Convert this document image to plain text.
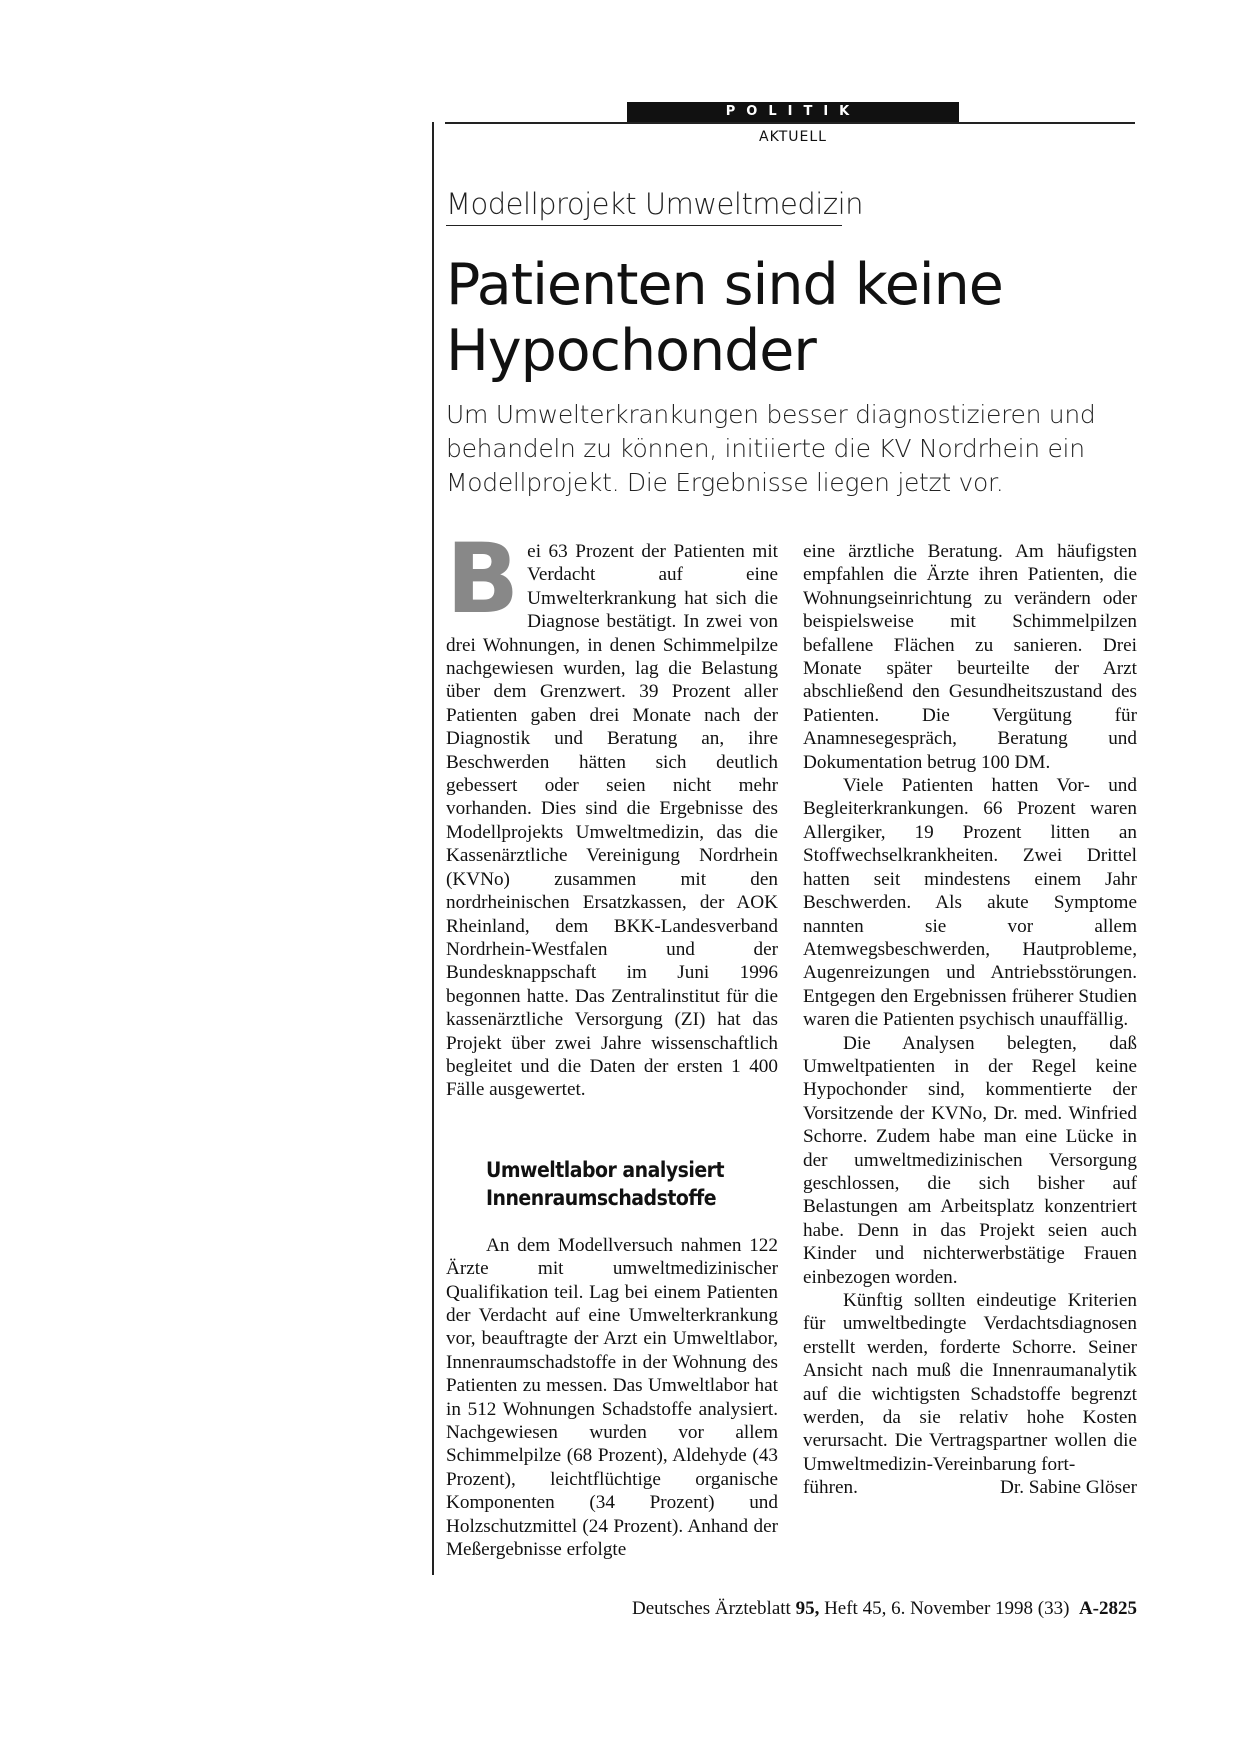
POLITIK
AKTUELL
Modellprojekt Umweltmedizin
Patienten sind keine
Hypochonder

Um Umwelterkrankungen besser diagnostizieren und behandeln zu können, initiierte die KV Nordrhein ein Modellprojekt. Die Ergebnisse liegen jetzt vor.

Bei 63 Prozent der Patienten mit Verdacht auf eine Umwelterkrankung hat sich die Diagnose bestätigt. In zwei von drei Wohnungen, in denen Schimmelpilze nachgewiesen wurden, lag die Belastung über dem Grenzwert. 39 Prozent aller Patienten gaben drei Monate nach der Diagnostik und Beratung an, ihre Beschwerden hätten sich deutlich gebessert oder seien nicht mehr vorhanden. Dies sind die Ergebnisse des Modellprojekts Umweltmedizin, das die Kassenärztliche Vereinigung Nordrhein (KVNo) zusammen mit den nordrheinischen Ersatzkassen, der AOK Rheinland, dem BKK-Landesverband Nordrhein-Westfalen und der Bundesknappschaft im Juni 1996 begonnen hatte. Das Zentralinstitut für die kassenärztliche Versorgung (ZI) hat das Projekt über zwei Jahre wissenschaftlich begleitet und die Daten der ersten 1 400 Fälle ausgewertet.

Umweltlabor analysiert
Innenraumschadstoffe

An dem Modellversuch nahmen 122 Ärzte mit umweltmedizinischer Qualifikation teil. Lag bei einem Patienten der Verdacht auf eine Umwelterkrankung vor, beauftragte der Arzt ein Umweltlabor, Innenraumschadstoffe in der Wohnung des Patienten zu messen. Das Umweltlabor hat in 512 Wohnungen Schadstoffe analysiert. Nachgewiesen wurden vor allem Schimmelpilze (68 Prozent), Aldehyde (43 Prozent), leichtflüchtige organische Komponenten (34 Prozent) und Holzschutzmittel (24 Prozent). Anhand der Meßergebnisse erfolgte

eine ärztliche Beratung. Am häufigsten empfahlen die Ärzte ihren Patienten, die Wohnungseinrichtung zu verändern oder beispielsweise mit Schimmelpilzen befallene Flächen zu sanieren. Drei Monate später beurteilte der Arzt abschließend den Gesundheitszustand des Patienten. Die Vergütung für Anamnesegespräch, Beratung und Dokumentation betrug 100 DM.

Viele Patienten hatten Vor- und Begleiterkrankungen. 66 Prozent waren Allergiker, 19 Prozent litten an Stoffwechselkrankheiten. Zwei Drittel hatten seit mindestens einem Jahr Beschwerden. Als akute Symptome nannten sie vor allem Atemwegsbeschwerden, Hautprobleme, Augenreizungen und Antriebsstörungen. Entgegen den Ergebnissen früherer Studien waren die Patienten psychisch unauffällig.

Die Analysen belegten, daß Umweltpatienten in der Regel keine Hypochonder sind, kommentierte der Vorsitzende der KVNo, Dr. med. Winfried Schorre. Zudem habe man eine Lücke in der umweltmedizinischen Versorgung geschlossen, die sich bisher auf Belastungen am Arbeitsplatz konzentriert habe. Denn in das Projekt seien auch Kinder und nichterwerbstätige Frauen einbezogen worden.

Künftig sollten eindeutige Kriterien für umweltbedingte Verdachtsdiagnosen erstellt werden, forderte Schorre. Seiner Ansicht nach muß die Innenraumanalytik auf die wichtigsten Schadstoffe begrenzt werden, da sie relativ hohe Kosten verursacht. Die Vertragspartner wollen die Umweltmedizin-Vereinbarung fort-

führen.	Dr. Sabine Glöser
Deutsches Ärzteblatt 95, Heft 45, 6. November 1998 (33) A-2825
